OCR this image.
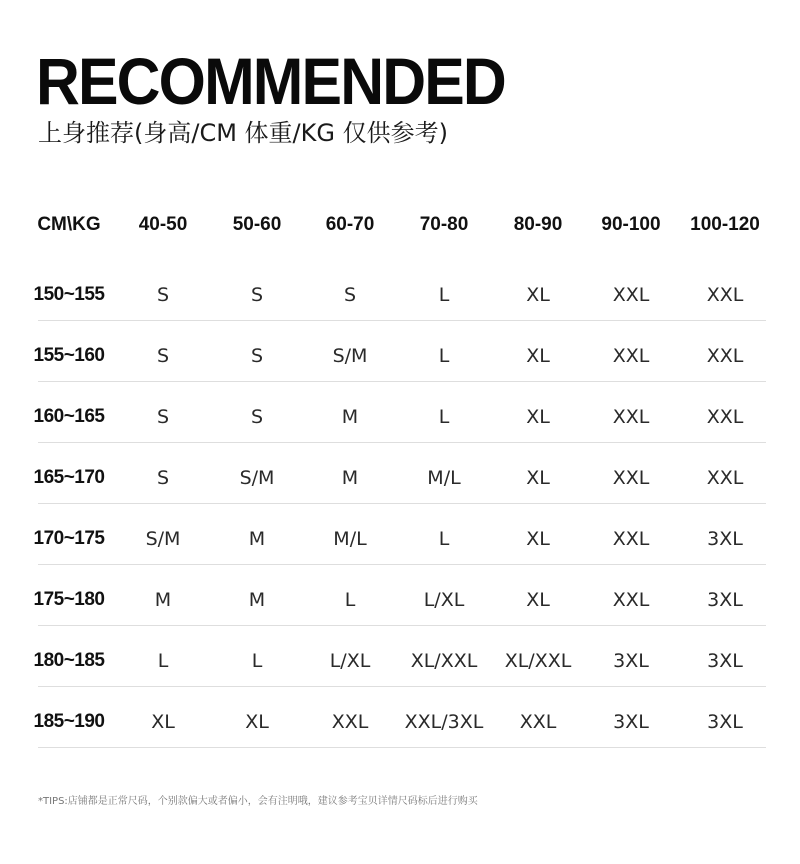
RECOMMENDED
上身推荐(身高/CM 体重/KG 仅供参考)
CM\KG	40-50	50-60	60-70	70-80	80-90	90-100	100-120
150~155	S	S	S	L	XL	XXL	XXL
155~160	S	S	S/M	L	XL	XXL	XXL
160~165	S	S	M	L	XL	XXL	XXL
165~170	S	S/M	M	M/L	XL	XXL	XXL
170~175	S/M	M	M/L	L	XL	XXL	3XL
175~180	M	M	L	L/XL	XL	XXL	3XL
180~185	L	L	L/XL	XL/XXL	XL/XXL	3XL	3XL
185~190	XL	XL	XXL	XXL/3XL	XXL	3XL	3XL
*TIPS:店铺都是正常尺码，个别款偏大或者偏小，会有注明哦，建议参考宝贝详情尺码标后进行购买
